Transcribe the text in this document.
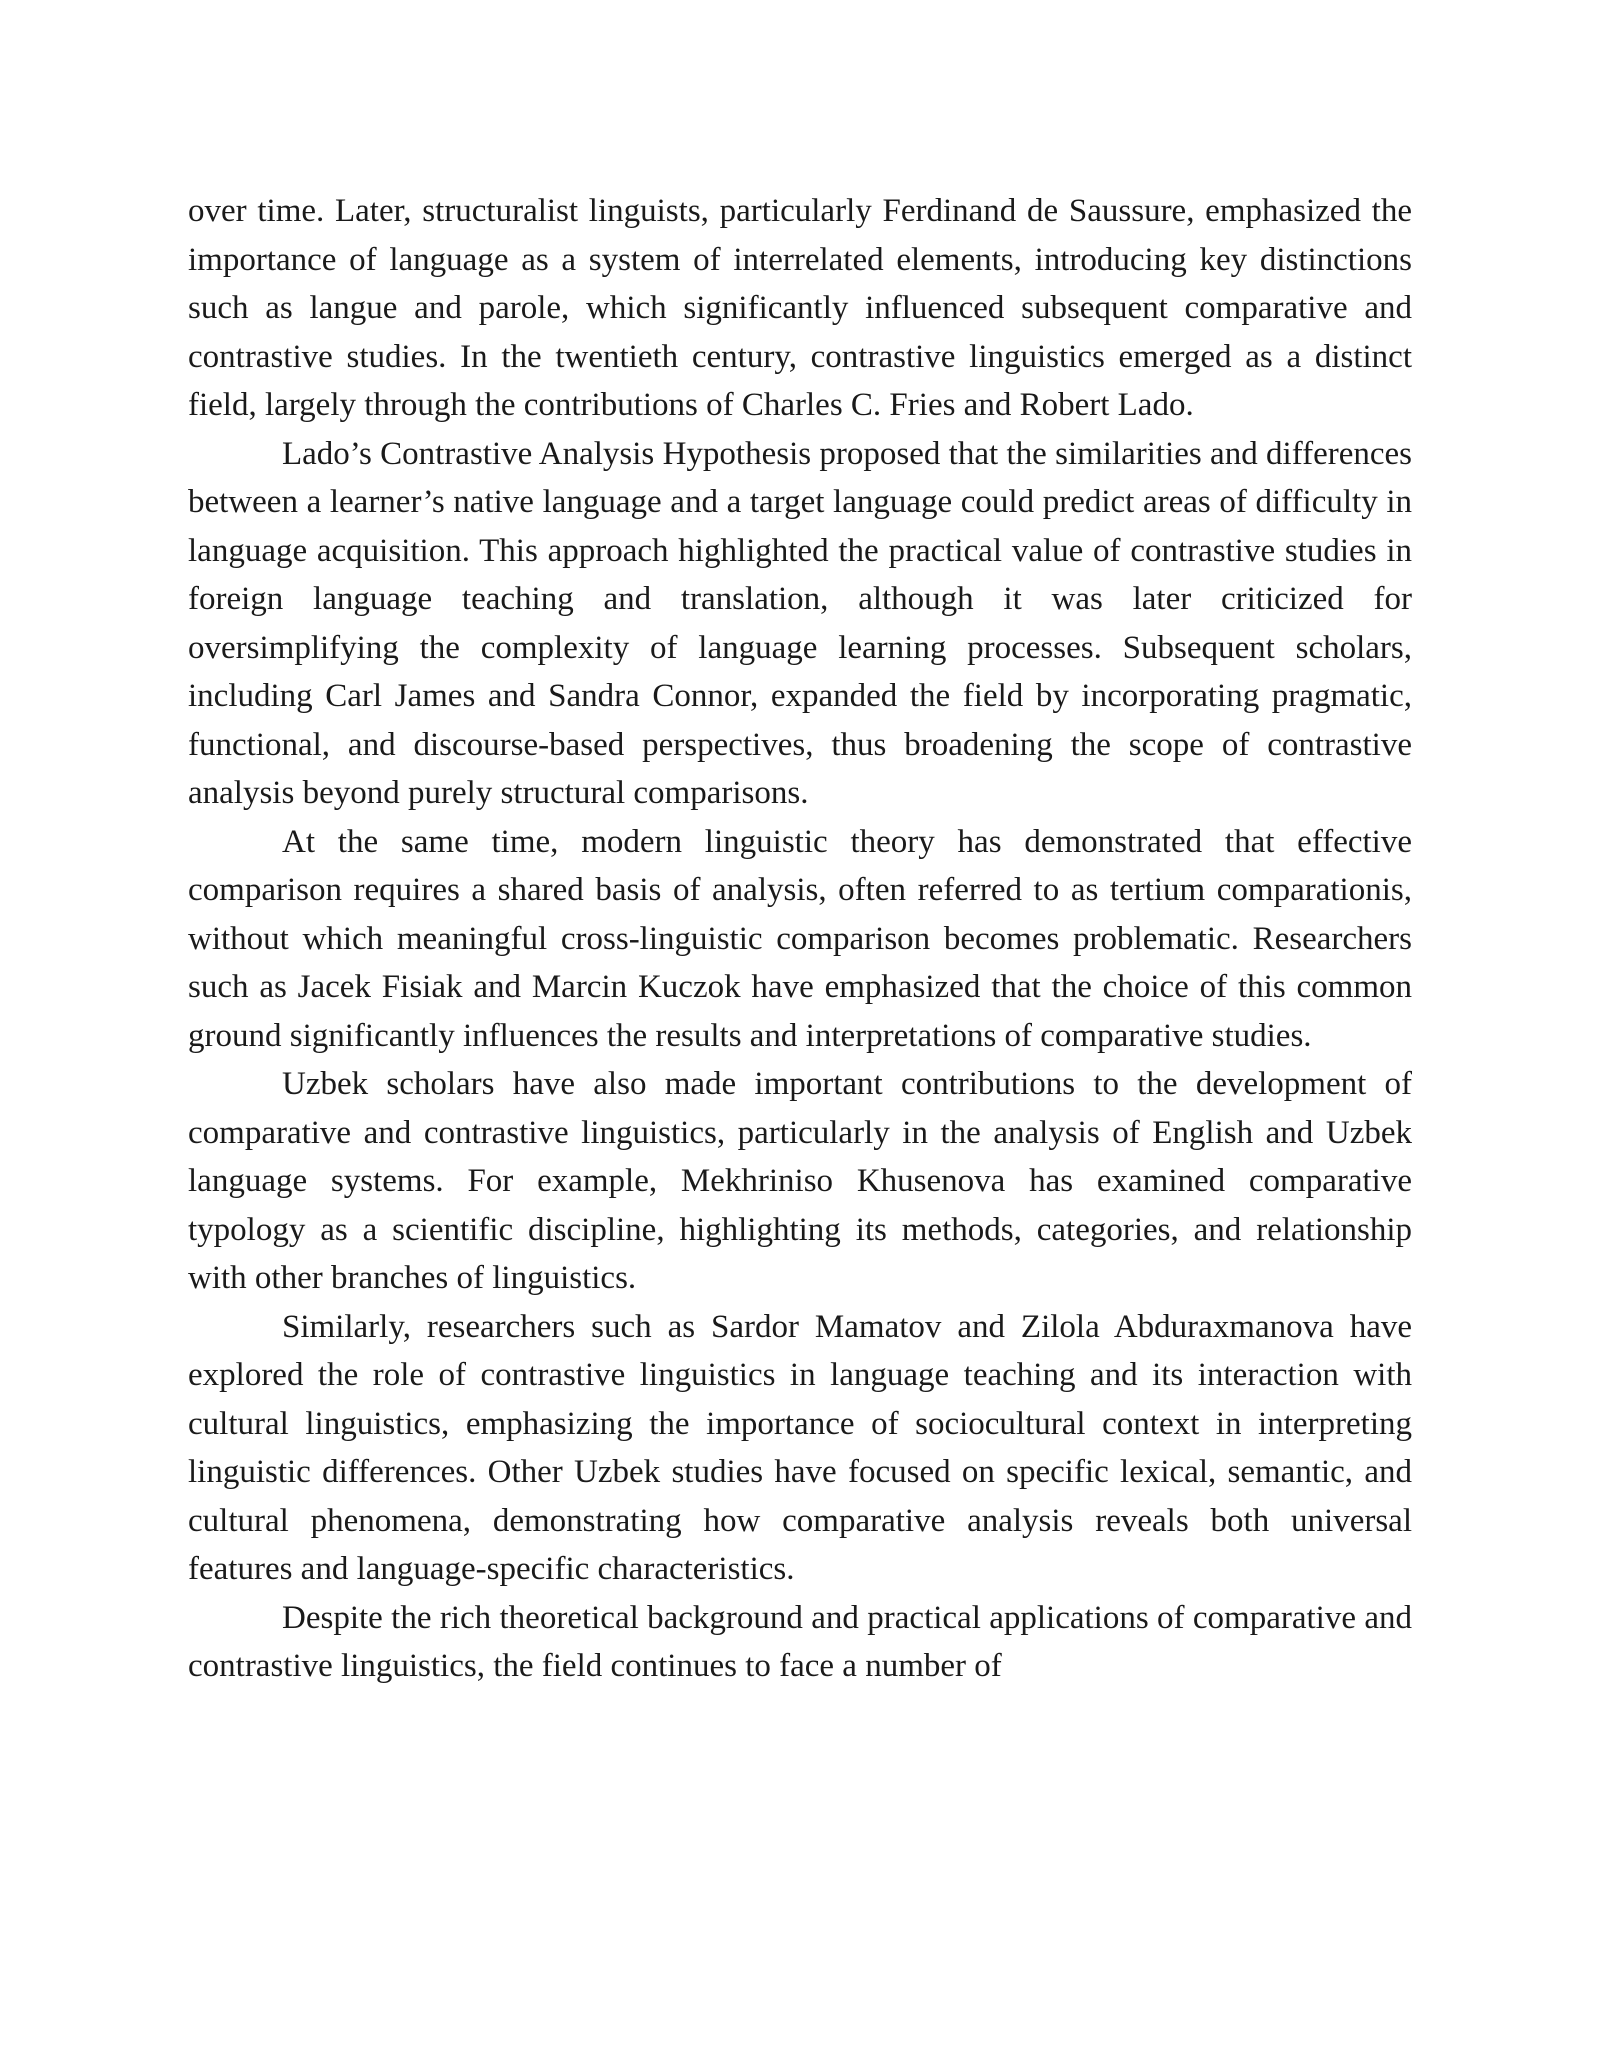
over time. Later, structuralist linguists, particularly Ferdinand de Saussure, emphasized the importance of language as a system of interrelated elements, introducing key distinctions such as langue and parole, which significantly influenced subsequent comparative and contrastive studies. In the twentieth century, contrastive linguistics emerged as a distinct field, largely through the contributions of Charles C. Fries and Robert Lado.

Lado’s Contrastive Analysis Hypothesis proposed that the similarities and differences between a learner’s native language and a target language could predict areas of difficulty in language acquisition. This approach highlighted the practical value of contrastive studies in foreign language teaching and translation, although it was later criticized for oversimplifying the complexity of language learning processes. Subsequent scholars, including Carl James and Sandra Connor, expanded the field by incorporating pragmatic, functional, and discourse-based perspectives, thus broadening the scope of contrastive analysis beyond purely structural comparisons.

At the same time, modern linguistic theory has demonstrated that effective comparison requires a shared basis of analysis, often referred to as tertium comparationis, without which meaningful cross-linguistic comparison becomes problematic. Researchers such as Jacek Fisiak and Marcin Kuczok have emphasized that the choice of this common ground significantly influences the results and interpretations of comparative studies.

Uzbek scholars have also made important contributions to the development of comparative and contrastive linguistics, particularly in the analysis of English and Uzbek language systems. For example, Mekhriniso Khusenova has examined comparative typology as a scientific discipline, highlighting its methods, categories, and relationship with other branches of linguistics.

Similarly, researchers such as Sardor Mamatov and Zilola Abduraxmanova have explored the role of contrastive linguistics in language teaching and its interaction with cultural linguistics, emphasizing the importance of sociocultural context in interpreting linguistic differences. Other Uzbek studies have focused on specific lexical, semantic, and cultural phenomena, demonstrating how comparative analysis reveals both universal features and language-specific characteristics.

Despite the rich theoretical background and practical applications of comparative and contrastive linguistics, the field continues to face a number of
